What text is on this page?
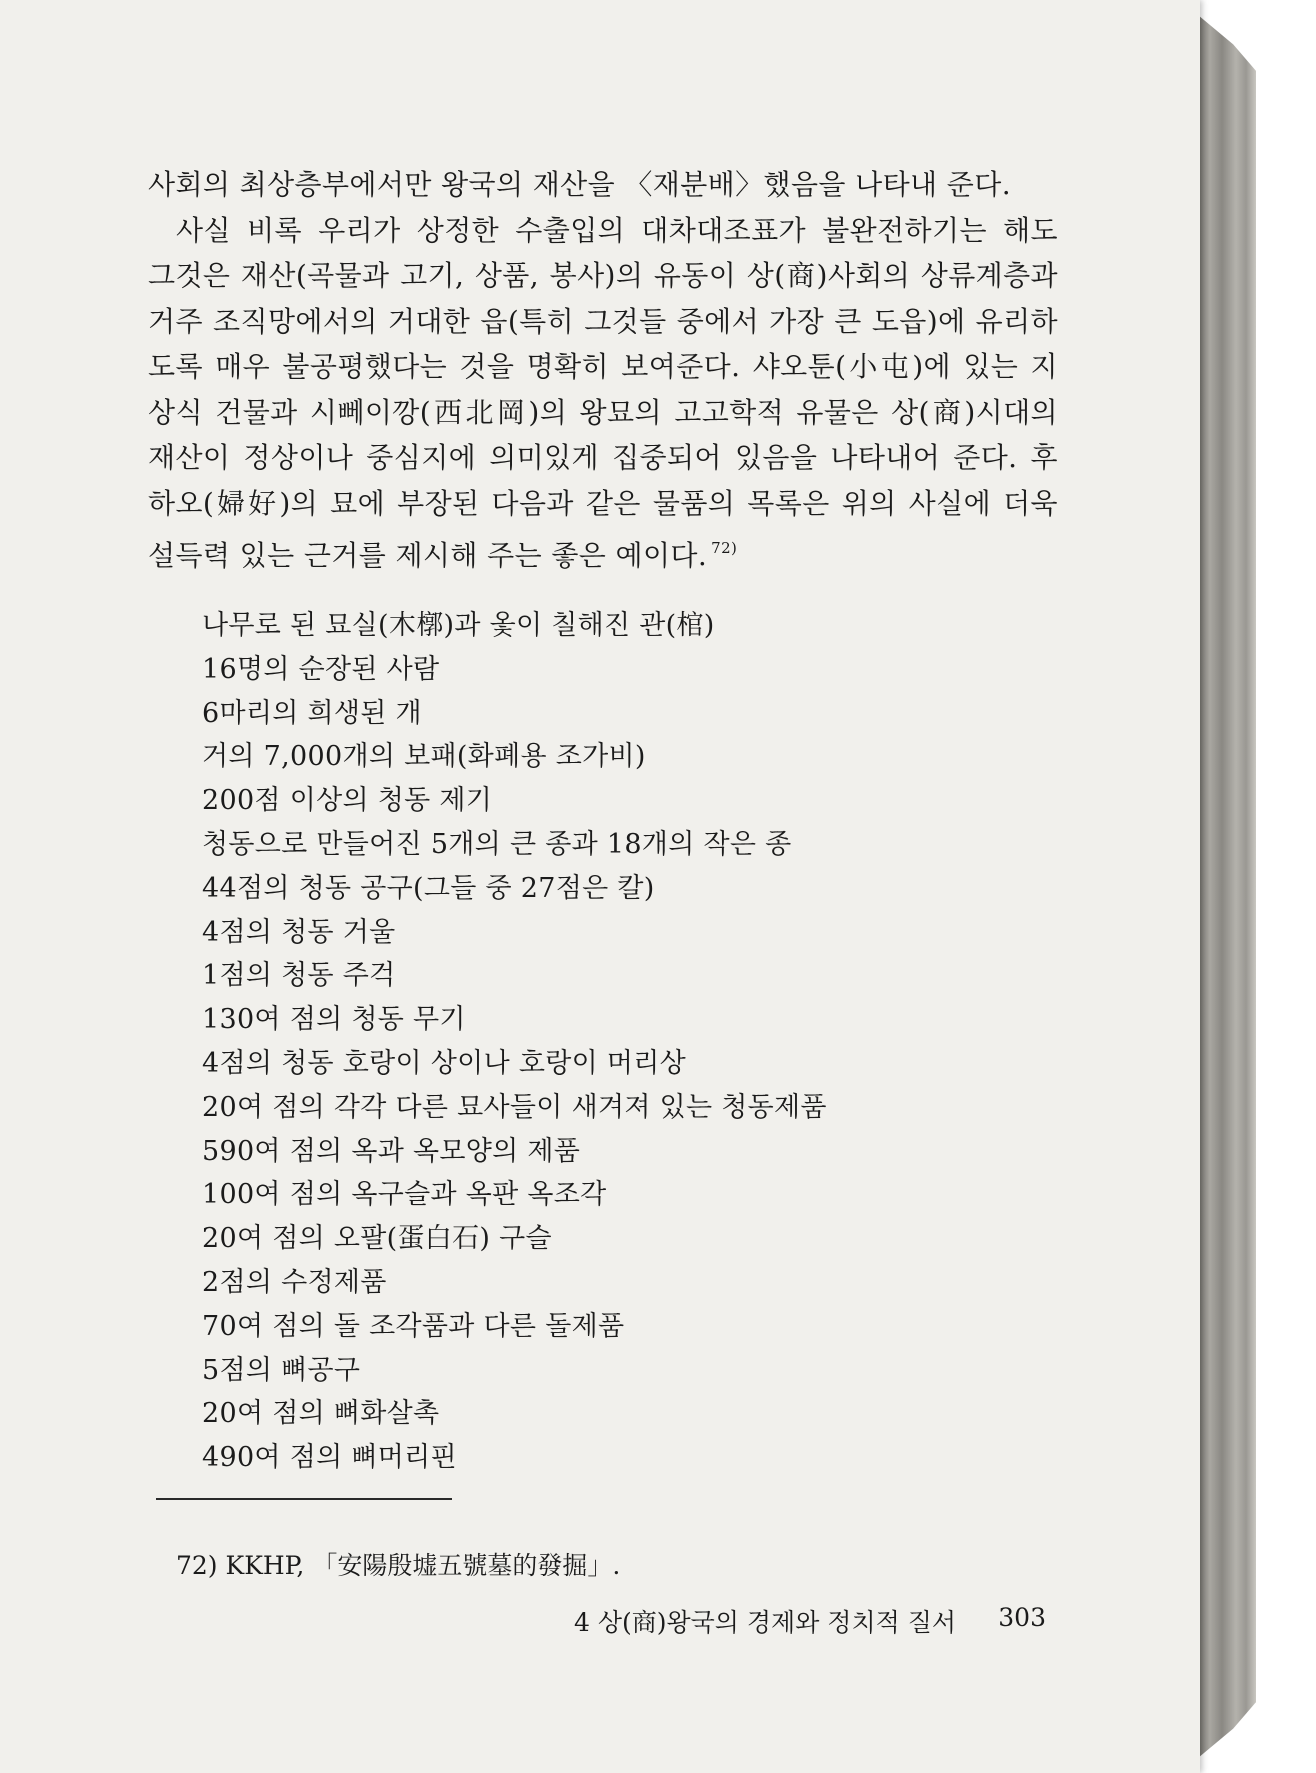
사회의 최상층부에서만 왕국의 재산을 〈재분배〉했음을 나타내 준다.
사실 비록 우리가 상정한 수출입의 대차대조표가 불완전하기는 해도
그것은 재산(곡물과 고기, 상품, 봉사)의 유동이 상(商)사회의 상류계층과
거주 조직망에서의 거대한 읍(특히 그것들 중에서 가장 큰 도읍)에 유리하
도록 매우 불공평했다는 것을 명확히 보여준다. 샤오툰(小屯)에 있는 지
상식 건물과 시뻬이깡(西北岡)의 왕묘의 고고학적 유물은 상(商)시대의
재산이 정상이나 중심지에 의미있게 집중되어 있음을 나타내어 준다. 후
하오(婦好)의 묘에 부장된 다음과 같은 물품의 목록은 위의 사실에 더욱
설득력 있는 근거를 제시해 주는 좋은 예이다. $^{72)}$
나무로 된 묘실(木槨)과 옻이 칠해진 관(棺)
16명의 순장된 사람
6마리의 희생된 개
거의 7,000개의 보패(화폐용 조가비)
200점 이상의 청동 제기
청동으로 만들어진 5개의 큰 종과 18개의 작은 종
44점의 청동 공구(그들 중 27점은 칼)
4점의 청동 거울
1점의 청동 주걱
130여 점의 청동 무기
4점의 청동 호랑이 상이나 호랑이 머리상
20여 점의 각각 다른 묘사들이 새겨져 있는 청동제품
590여 점의 옥과 옥모양의 제품
100여 점의 옥구슬과 옥판 옥조각
20여 점의 오팔(蛋白石) 구슬
2점의 수정제품
70여 점의 돌 조각품과 다른 돌제품
5점의 뼈공구
20여 점의 뼈화살촉
490여 점의 뼈머리핀
72) KKHP, 「安陽殷墟五號墓的發掘」.
4 상(商)왕국의 경제와 정치적 질서 303
